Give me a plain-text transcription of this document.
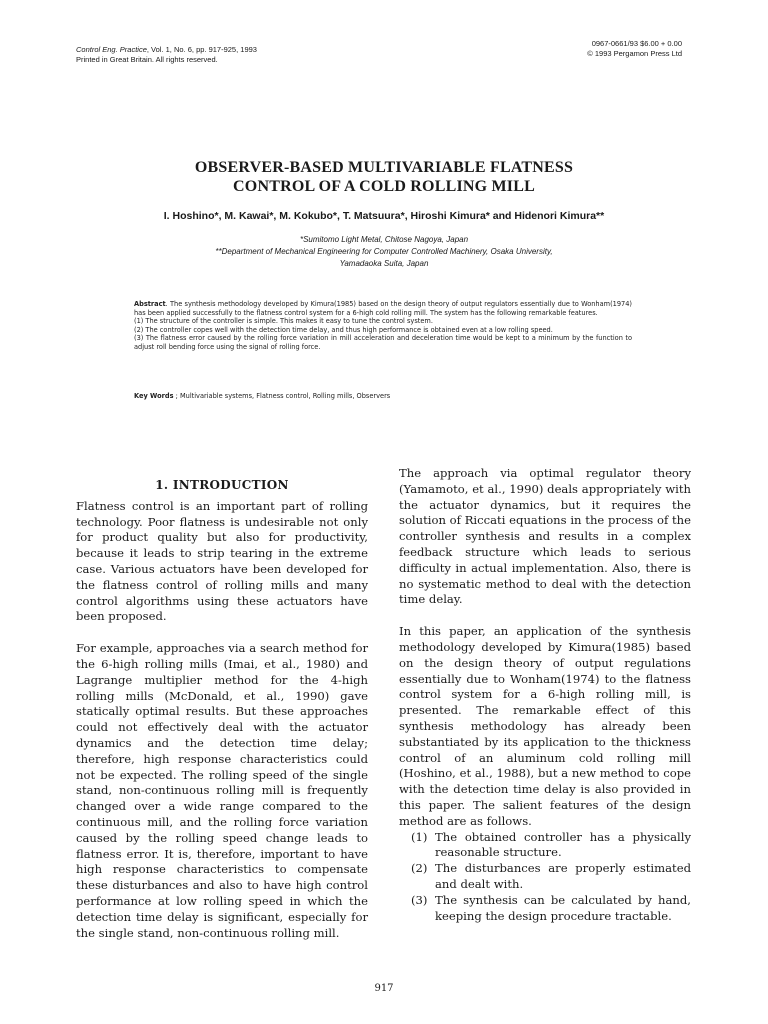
Control Eng. Practice, Vol. 1, No. 6, pp. 917-925, 1993
Printed in Great Britain. All rights reserved.
0967-0661/93 $6.00 + 0.00
© 1993 Pergamon Press Ltd
OBSERVER-BASED MULTIVARIABLE FLATNESS
CONTROL OF A COLD ROLLING MILL
I. Hoshino*, M. Kawai*, M. Kokubo*, T. Matsuura*, Hiroshi Kimura* and Hidenori Kimura**
*Sumitomo Light Metal, Chitose Nagoya, Japan
**Department of Mechanical Engineering for Computer Controlled Machinery, Osaka University,
Yamadaoka Suita, Japan
Abstract. The synthesis methodology developed by Kimura(1985) based on the design theory of output regulators essentially due to Wonham(1974) has been applied successfully to the flatness control system for a 6-high cold rolling mill. The system has the following remarkable features.
(1) The structure of the controller is simple. This makes it easy to tune the control system.
(2) The controller copes well with the detection time delay, and thus high performance is obtained even at a low rolling speed.
(3) The flatness error caused by the rolling force variation in mill acceleration and deceleration time would be kept to a minimum by the function to adjust roll bending force using the signal of rolling force.
Key Words ; Multivariable systems, Flatness control, Rolling mills, Observers
1. INTRODUCTION

Flatness control is an important part of rolling technology. Poor flatness is undesirable not only for product quality but also for productivity, because it leads to strip tearing in the extreme case. Various actuators have been developed for the flatness control of rolling mills and many control algorithms using these actuators have been proposed.

For example, approaches via a search method for the 6-high rolling mills (Imai, et al., 1980) and Lagrange multiplier method for the 4-high rolling mills (McDonald, et al., 1990) gave statically optimal results. But these approaches could not effectively deal with the actuator dynamics and the detection time delay; therefore, high response characteristics could not be expected. The rolling speed of the single stand, non-continuous rolling mill is frequently changed over a wide range compared to the continuous mill, and the rolling force variation caused by the rolling speed change leads to flatness error. It is, therefore, important to have high response characteristics to compensate these disturbances and also to have high control performance at low rolling speed in which the detection time delay is significant, especially for the single stand, non-continuous rolling mill.

The approach via optimal regulator theory (Yamamoto, et al., 1990) deals appropriately with the actuator dynamics, but it requires the solution of Riccati equations in the process of the controller synthesis and results in a complex feedback structure which leads to serious difficulty in actual implementation. Also, there is no systematic method to deal with the detection time delay.

In this paper, an application of the synthesis methodology developed by Kimura(1985) based on the design theory of output regulations essentially due to Wonham(1974) to the flatness control system for a 6-high rolling mill, is presented. The remarkable effect of this synthesis methodology has already been substantiated by its application to the thickness control of an aluminum cold rolling mill (Hoshino, et al., 1988), but a new method to cope with the detection time delay is also provided in this paper. The salient features of the design method are as follows.

(1) The obtained controller has a physically reasonable structure.
(2) The disturbances are properly estimated and dealt with.
(3) The synthesis can be calculated by hand, keeping the design procedure tractable.
917
